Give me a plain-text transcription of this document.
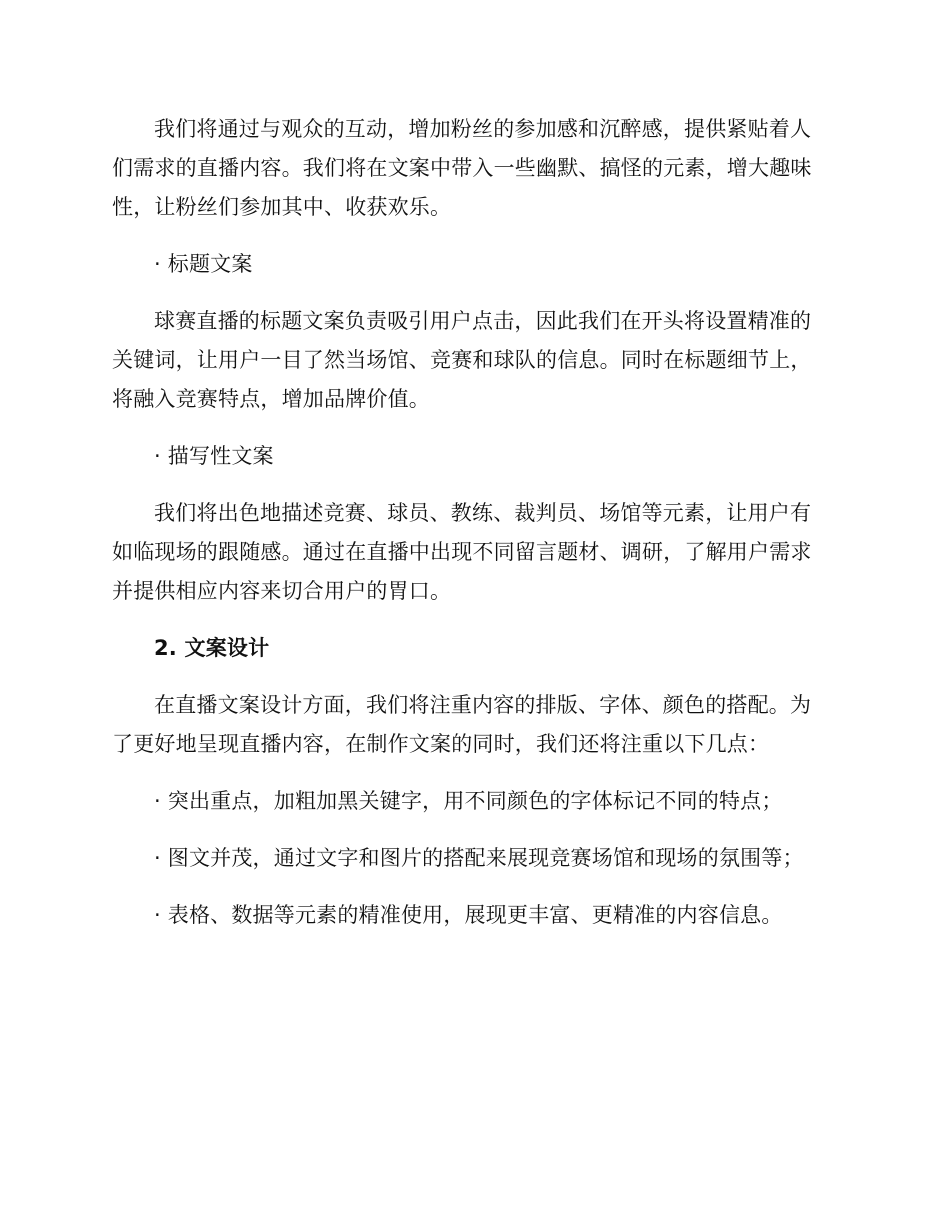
我们将通过与观众的互动，增加粉丝的参加感和沉醉感，提供紧贴着人们需求的直播内容。我们将在文案中带入一些幽默、搞怪的元素，增大趣味性，让粉丝们参加其中、收获欢乐。

· 标题文案

球赛直播的标题文案负责吸引用户点击，因此我们在开头将设置精准的关键词，让用户一目了然当场馆、竞赛和球队的信息。同时在标题细节上，将融入竞赛特点，增加品牌价值。

· 描写性文案

我们将出色地描述竞赛、球员、教练、裁判员、场馆等元素，让用户有如临现场的跟随感。通过在直播中出现不同留言题材、调研，了解用户需求并提供相应内容来切合用户的胃口。

2. 文案设计

在直播文案设计方面，我们将注重内容的排版、字体、颜色的搭配。为了更好地呈现直播内容，在制作文案的同时，我们还将注重以下几点：

· 突出重点，加粗加黑关键字，用不同颜色的字体标记不同的特点；

· 图文并茂，通过文字和图片的搭配来展现竞赛场馆和现场的氛围等；

· 表格、数据等元素的精准使用，展现更丰富、更精准的内容信息。
